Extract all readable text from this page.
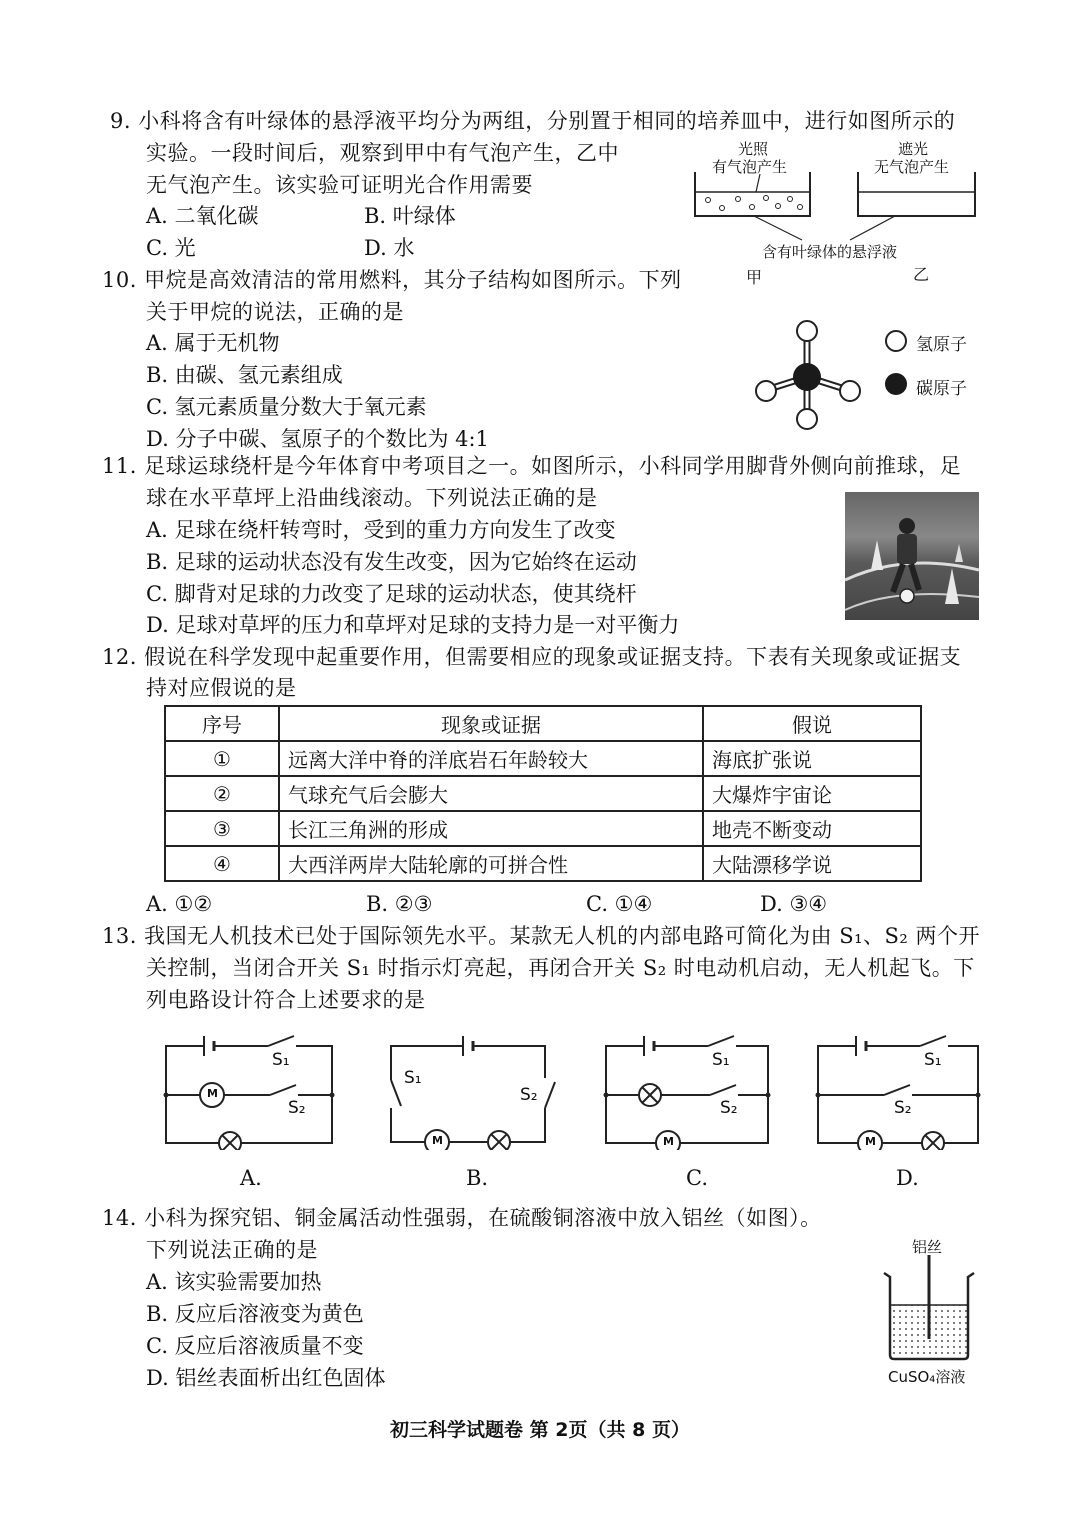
9. 小科将含有叶绿体的悬浮液平均分为两组，分别置于相同的培养皿中，进行如图所示的
实验。一段时间后，观察到甲中有气泡产生，乙中
无气泡产生。该实验可证明光合作用需要
A. 二氧化碳	B. 叶绿体
C. 光	D. 水
光照
有气泡产生
遮光
无气泡产生
含有叶绿体的悬浮液
甲	乙
10. 甲烷是高效清洁的常用燃料，其分子结构如图所示。下列
关于甲烷的说法，正确的是
A. 属于无机物
B. 由碳、氢元素组成
C. 氢元素质量分数大于氧元素
D. 分子中碳、氢原子的个数比为 4:1
氢原子
碳原子
11. 足球运球绕杆是今年体育中考项目之一。如图所示，小科同学用脚背外侧向前推球，足
球在水平草坪上沿曲线滚动。下列说法正确的是
A. 足球在绕杆转弯时，受到的重力方向发生了改变
B. 足球的运动状态没有发生改变，因为它始终在运动
C. 脚背对足球的力改变了足球的运动状态，使其绕杆
D. 足球对草坪的压力和草坪对足球的支持力是一对平衡力
12. 假说在科学发现中起重要作用，但需要相应的现象或证据支持。下表有关现象或证据支
持对应假说的是
序号	现象或证据	假说
①	远离大洋中脊的洋底岩石年龄较大	海底扩张说
②	气球充气后会膨大	大爆炸宇宙论
③	长江三角洲的形成	地壳不断变动
④	大西洋两岸大陆轮廓的可拼合性	大陆漂移学说
A. ①②	B. ②③	C. ①④	D. ③④
13. 我国无人机技术已处于国际领先水平。某款无人机的内部电路可简化为由 S₁、S₂ 两个开
关控制，当闭合开关 S₁ 时指示灯亮起，再闭合开关 S₂ 时电动机启动，无人机起飞。下
列电路设计符合上述要求的是
M
S₁
S₂
A.
M
S₁
S₂
B.
M
S₁
S₂
C.
M
S₁
S₂
D.
14. 小科为探究铝、铜金属活动性强弱，在硫酸铜溶液中放入铝丝（如图）。
下列说法正确的是
A. 该实验需要加热
B. 反应后溶液变为黄色
C. 反应后溶液质量不变
D. 铝丝表面析出红色固体
铝丝
CuSO₄溶液
初三科学试题卷 第 2页（共 8 页）
